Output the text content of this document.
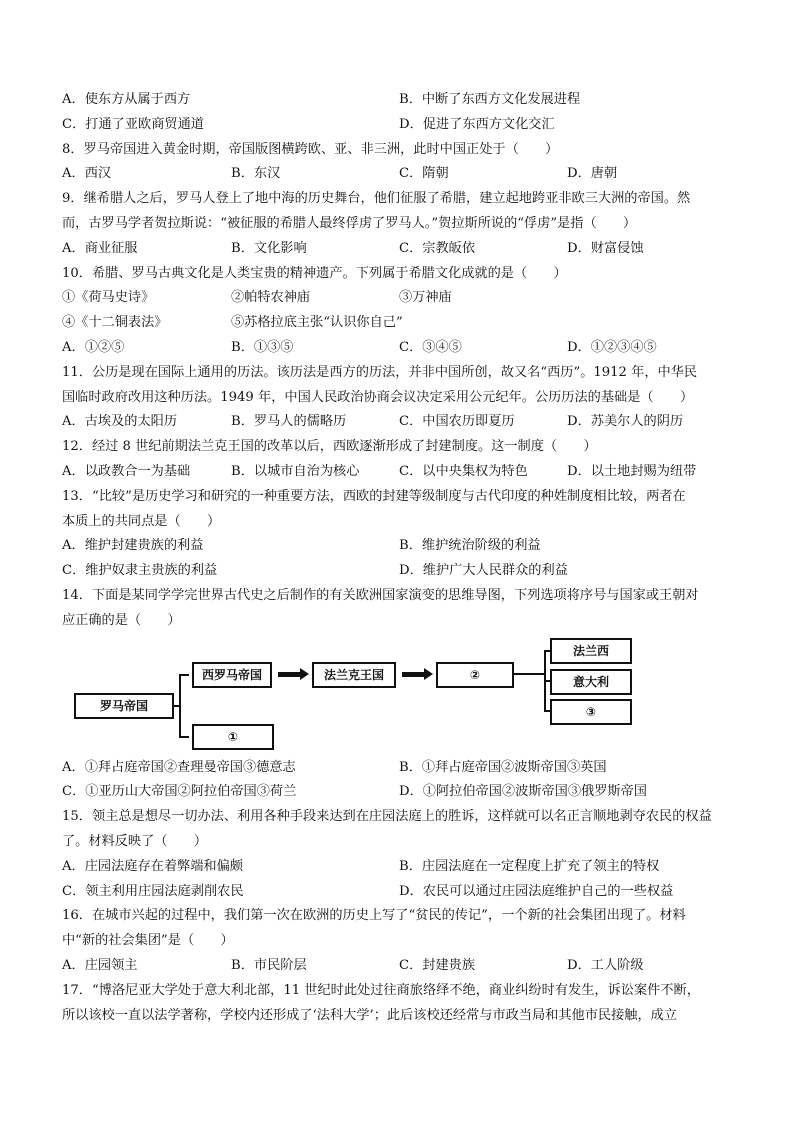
A．使东方从属于西方	B．中断了东西方文化发展进程
C．打通了亚欧商贸通道	D．促进了东西方文化交汇
8．罗马帝国进入黄金时期，帝国版图横跨欧、亚、非三洲，此时中国正处于（　　）
A．西汉	B．东汉	C．隋朝	D．唐朝
9．继希腊人之后，罗马人登上了地中海的历史舞台，他们征服了希腊，建立起地跨亚非欧三大洲的帝国。然
而，古罗马学者贺拉斯说：“被征服的希腊人最终俘虏了罗马人。”贺拉斯所说的“俘虏”是指（　　）
A．商业征服	B．文化影响	C．宗教皈依	D．财富侵蚀
10．希腊、罗马古典文化是人类宝贵的精神遗产。下列属于希腊文化成就的是（　　）
①《荷马史诗》	②帕特农神庙	③万神庙
④《十二铜表法》	⑤苏格拉底主张“认识你自己”
A．①②⑤	B．①③⑤	C．③④⑤	D．①②③④⑤
11．公历是现在国际上通用的历法。该历法是西方的历法，并非中国所创，故又名“西历”。1912 年，中华民
国临时政府改用这种历法。1949 年，中国人民政治协商会议决定采用公元纪年。公历历法的基础是（　　）
A．古埃及的太阳历	B．罗马人的儒略历	C．中国农历即夏历	D．苏美尔人的阴历
12．经过 8 世纪前期法兰克王国的改革以后，西欧逐渐形成了封建制度。这一制度（　　）
A．以政教合一为基础	B．以城市自治为核心	C．以中央集权为特色	D．以土地封赐为纽带
13．“比较”是历史学习和研究的一种重要方法，西欧的封建等级制度与古代印度的种姓制度相比较，两者在
本质上的共同点是（　　）
A．维护封建贵族的利益	B．维护统治阶级的利益
C．维护奴隶主贵族的利益	D．维护广大人民群众的利益
14．下面是某同学学完世界古代史之后制作的有关欧洲国家演变的思维导图，下列选项将序号与国家或王朝对
应正确的是（　　）
罗马帝国
西罗马帝国
①
法兰克王国	②
法兰西
意大利
③
A．①拜占庭帝国②查理曼帝国③德意志	B．①拜占庭帝国②波斯帝国③英国
C．①亚历山大帝国②阿拉伯帝国③荷兰	D．①阿拉伯帝国②波斯帝国③俄罗斯帝国
15．领主总是想尽一切办法、利用各种手段来达到在庄园法庭上的胜诉，这样就可以名正言顺地剥夺农民的权益
了。材料反映了（　　）
A．庄园法庭存在着弊端和偏颇	B．庄园法庭在一定程度上扩充了领主的特权
C．领主利用庄园法庭剥削农民	D．农民可以通过庄园法庭维护自己的一些权益
16．在城市兴起的过程中，我们第一次在欧洲的历史上写了“贫民的传记”，一个新的社会集团出现了。材料
中“新的社会集团”是（　　）
A．庄园领主	B．市民阶层	C．封建贵族	D．工人阶级
17．“博洛尼亚大学处于意大利北部，11 世纪时此处过往商旅络绎不绝，商业纠纷时有发生，诉讼案件不断，
所以该校一直以法学著称，学校内还形成了‘法科大学’；此后该校还经常与市政当局和其他市民接触，成立
